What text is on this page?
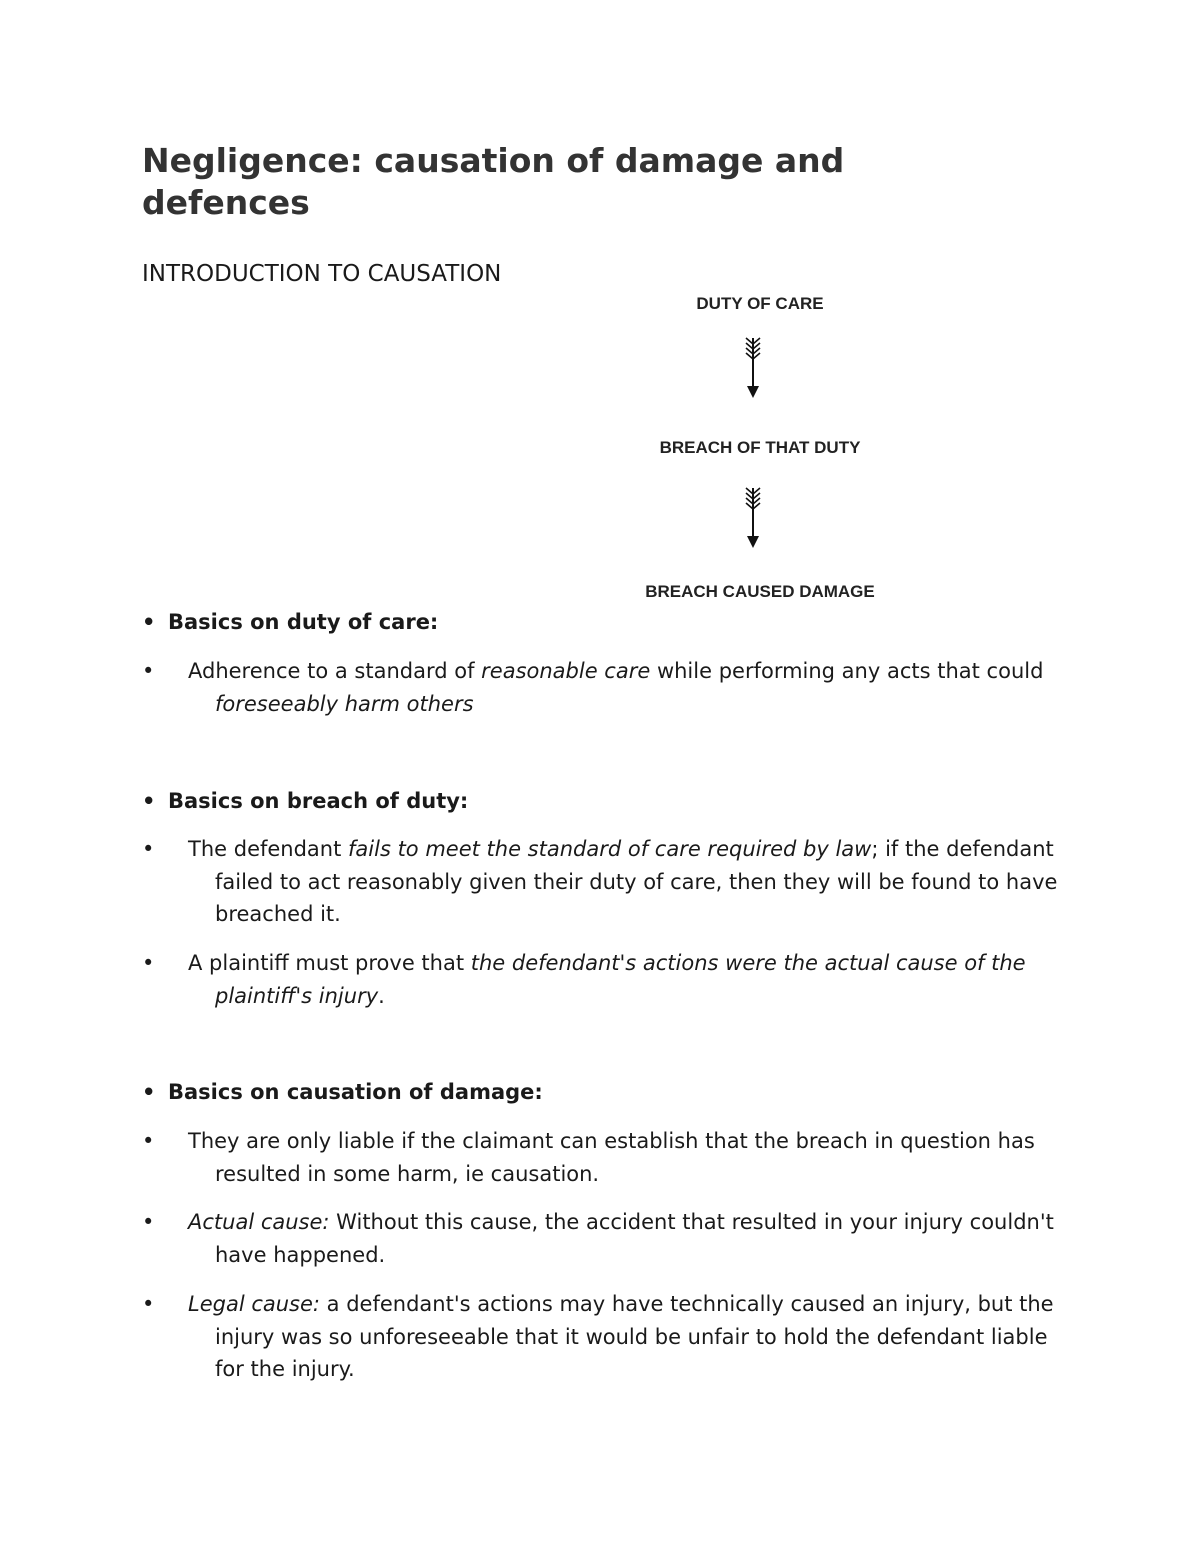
Negligence: causation of damage and defences
INTRODUCTION TO CAUSATION
DUTY OF CARE
BREACH OF THAT DUTY
BREACH CAUSED DAMAGE
• Basics on duty of care:
•	Adherence to a standard of reasonable care while performing any acts that could foreseeably harm others
• Basics on breach of duty:
•	The defendant fails to meet the standard of care required by law; if the defendant failed to act reasonably given their duty of care, then they will be found to have breached it.
•	A plaintiff must prove that the defendant's actions were the actual cause of the plaintiff's injury.
• Basics on causation of damage:
•	They are only liable if the claimant can establish that the breach in question has resulted in some harm, ie causation.
•	Actual cause: Without this cause, the accident that resulted in your injury couldn't have happened.
•	Legal cause: a defendant's actions may have technically caused an injury, but the injury was so unforeseeable that it would be unfair to hold the defendant liable for the injury.
